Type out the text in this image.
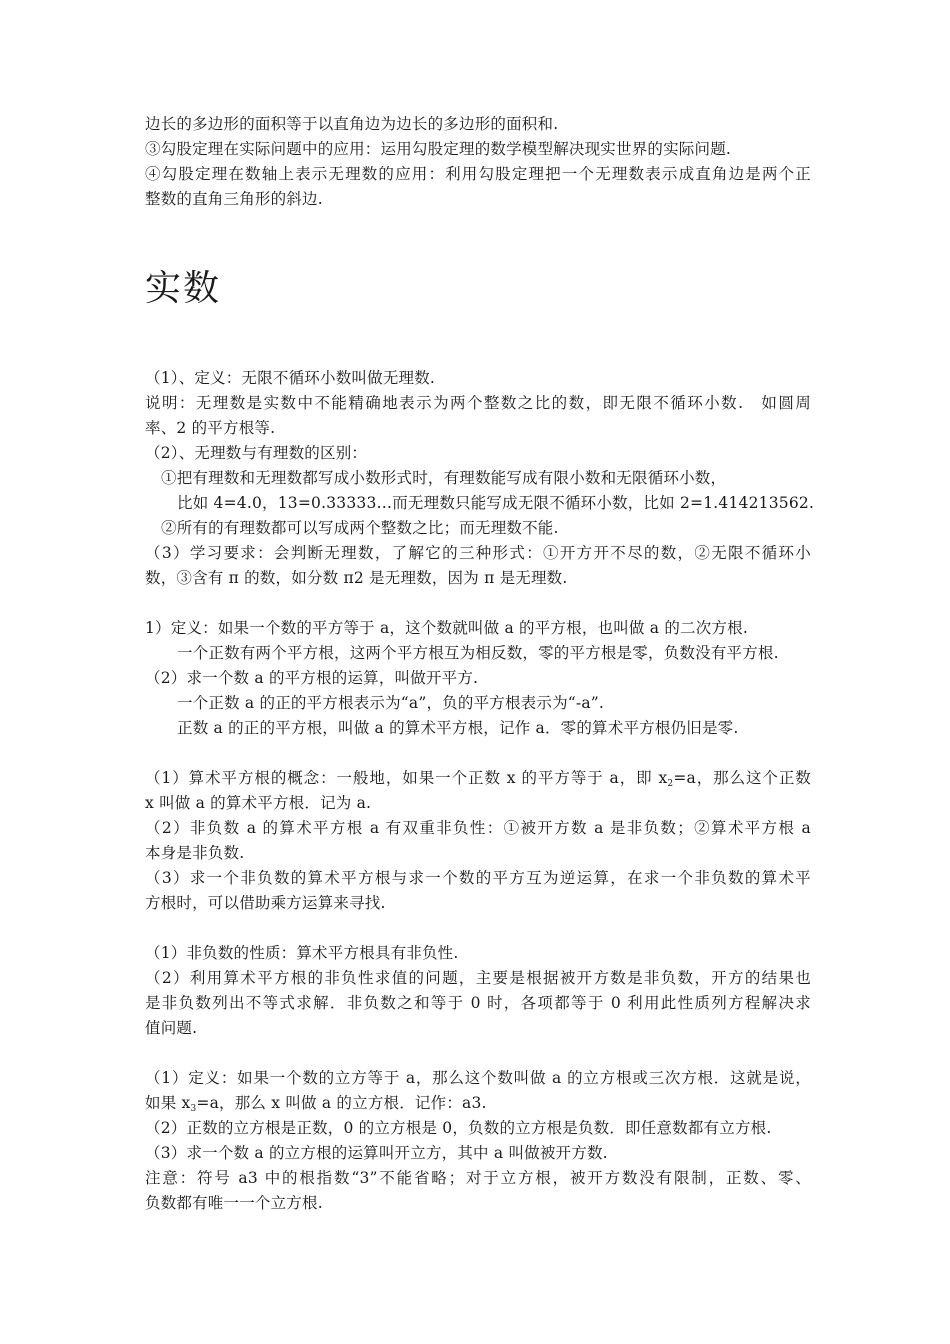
边长的多边形的面积等于以直角边为边长的多边形的面积和.
③勾股定理在实际问题中的应用：运用勾股定理的数学模型解决现实世界的实际问题.
④勾股定理在数轴上表示无理数的应用：利用勾股定理把一个无理数表示成直角边是两个正
整数的直角三角形的斜边.
实数
（1）、定义：无限不循环小数叫做无理数.
说明：无理数是实数中不能精确地表示为两个整数之比的数，即无限不循环小数.　如圆周
率、2 的平方根等.
（2）、无理数与有理数的区别：
①把有理数和无理数都写成小数形式时，有理数能写成有限小数和无限循环小数，
比如 4=4.0，13=0.33333…而无理数只能写成无限不循环小数，比如 2=1.414213562.
②所有的有理数都可以写成两个整数之比；而无理数不能.
（3）学习要求：会判断无理数，了解它的三种形式：①开方开不尽的数，②无限不循环小
数，③含有 π 的数，如分数 π2 是无理数，因为 π 是无理数.
1）定义：如果一个数的平方等于 a，这个数就叫做 a 的平方根，也叫做 a 的二次方根.
一个正数有两个平方根，这两个平方根互为相反数，零的平方根是零，负数没有平方根.
（2）求一个数 a 的平方根的运算，叫做开平方.
一个正数 a 的正的平方根表示为“a”，负的平方根表示为“-a”.
正数 a 的正的平方根，叫做 a 的算术平方根，记作 a．零的算术平方根仍旧是零.
（1）算术平方根的概念：一般地，如果一个正数 x 的平方等于 a，即 $x_2=a$，那么这个正数
x 叫做 a 的算术平方根．记为 a.
（2）非负数 a 的算术平方根 a 有双重非负性：①被开方数 a 是非负数；②算术平方根 a
本身是非负数.
（3）求一个非负数的算术平方根与求一个数的平方互为逆运算，在求一个非负数的算术平
方根时，可以借助乘方运算来寻找.
（1）非负数的性质：算术平方根具有非负性.
（2）利用算术平方根的非负性求值的问题，主要是根据被开方数是非负数，开方的结果也
是非负数列出不等式求解．非负数之和等于 0 时，各项都等于 0 利用此性质列方程解决求
值问题.
（1）定义：如果一个数的立方等于 a，那么这个数叫做 a 的立方根或三次方根．这就是说，
如果 $x_3=a$，那么 x 叫做 a 的立方根．记作：a3.
（2）正数的立方根是正数，0 的立方根是 0，负数的立方根是负数．即任意数都有立方根.
（3）求一个数 a 的立方根的运算叫开立方，其中 a 叫做被开方数.
注意：符号 a3 中的根指数“3”不能省略；对于立方根，被开方数没有限制，正数、零、
负数都有唯一一个立方根.
